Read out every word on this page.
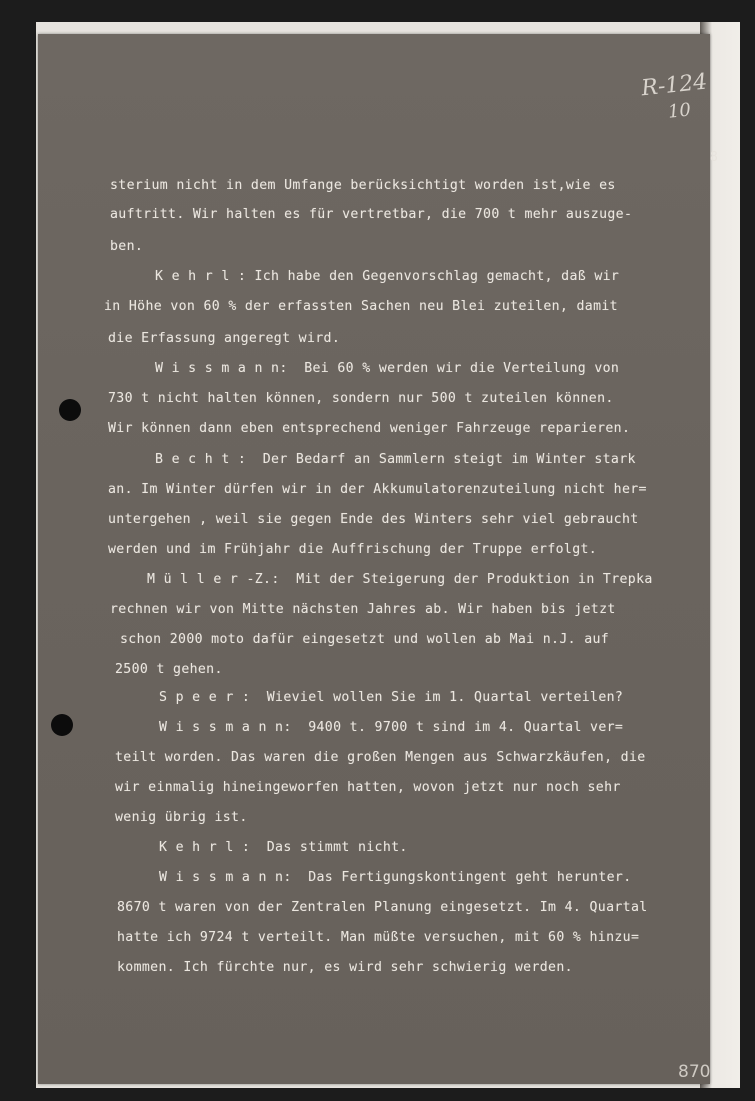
R-124
10
8
870
sterium nicht in dem Umfange berücksichtigt worden ist,wie es
auftritt. Wir halten es für vertretbar, die 700 t mehr auszuge-
ben.
K e h r l : Ich habe den Gegenvorschlag gemacht, daß wir
in Höhe von 60 % der erfassten Sachen neu Blei zuteilen, damit
die Erfassung angeregt wird.
W i s s m a n n:  Bei 60 % werden wir die Verteilung von
730 t nicht halten können, sondern nur 500 t zuteilen können.
Wir können dann eben entsprechend weniger Fahrzeuge reparieren.
B e c h t :  Der Bedarf an Sammlern steigt im Winter stark
an. Im Winter dürfen wir in der Akkumulatorenzuteilung nicht her=
untergehen , weil sie gegen Ende des Winters sehr viel gebraucht
werden und im Frühjahr die Auffrischung der Truppe erfolgt.
M ü l l e r -Z.:  Mit der Steigerung der Produktion in Trepka
rechnen wir von Mitte nächsten Jahres ab. Wir haben bis jetzt
schon 2000 moto dafür eingesetzt und wollen ab Mai n.J. auf
2500 t gehen.
S p e e r :  Wieviel wollen Sie im 1. Quartal verteilen?
W i s s m a n n:  9400 t. 9700 t sind im 4. Quartal ver=
teilt worden. Das waren die großen Mengen aus Schwarzkäufen, die
wir einmalig hineingeworfen hatten, wovon jetzt nur noch sehr
wenig übrig ist.
K e h r l :  Das stimmt nicht.
W i s s m a n n:  Das Fertigungskontingent geht herunter.
8670 t waren von der Zentralen Planung eingesetzt. Im 4. Quartal
hatte ich 9724 t verteilt. Man müßte versuchen, mit 60 % hinzu=
kommen. Ich fürchte nur, es wird sehr schwierig werden.
